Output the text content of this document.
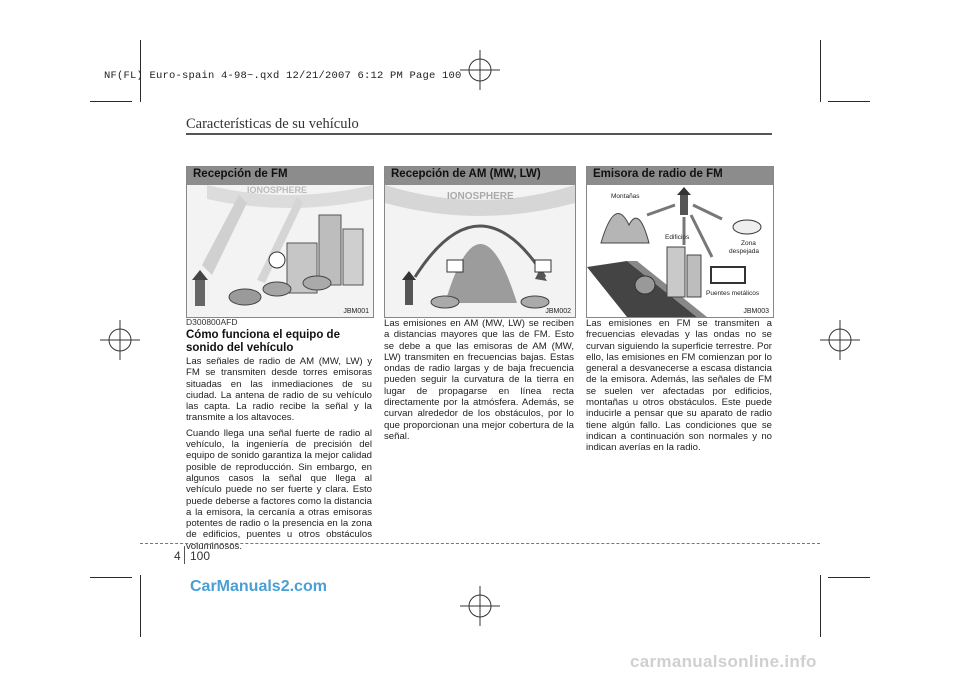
NF(FL) Euro-spain 4-98~.qxd 12/21/2007 6:12 PM Page 100
Características de su vehículo
Recepción de FM
IONOSPHERE
JBM001
Recepción de AM (MW, LW)
IONOSPHERE
JBM002
Emisora de radio de FM
Montañas
Edificios
Zona
despejada
Puentes metálicos
JBM003
D300800AFD
Cómo funciona el equipo de sonido del vehículo

Las señales de radio de AM (MW, LW) y FM se transmiten desde torres emisoras situadas en las inmediaciones de su ciudad. La antena de radio de su vehículo las capta. La radio recibe la señal y la transmite a los altavoces.

Cuando llega una señal fuerte de radio al vehículo, la ingeniería de precisión del equipo de sonido garantiza la mejor calidad posible de reproducción. Sin embargo, en algunos casos la señal que llega al vehículo puede no ser fuerte y clara. Esto puede deberse a factores como la distancia a la emisora, la cercanía a otras emisoras potentes de radio o la presencia en la zona de edificios, puentes u otros obstáculos voluminosos.

Las emisiones en AM (MW, LW) se reciben a distancias mayores que las de FM. Esto se debe a que las emisoras de AM (MW, LW) transmiten en frecuencias bajas. Estas ondas de radio largas y de baja frecuencia pueden seguir la curvatura de la tierra en lugar de propagarse en línea recta directamente por la atmósfera. Además, se curvan alrededor de los obstáculos, por lo que proporcionan una mejor cobertura de la señal.

Las emisiones en FM se transmiten a frecuencias elevadas y las ondas no se curvan siguiendo la superficie terrestre. Por ello, las emisiones en FM comienzan por lo general a desvanecerse a escasa distancia de la emisora. Además, las señales de FM se suelen ver afectadas por edificios, montañas u otros obstáculos. Este puede inducirle a pensar que su aparato de radio tiene algún fallo. Las condiciones que se indican a continuación son normales y no indican averías en la radio.

4 100
CarManuals2.com
carmanualsonline.info
